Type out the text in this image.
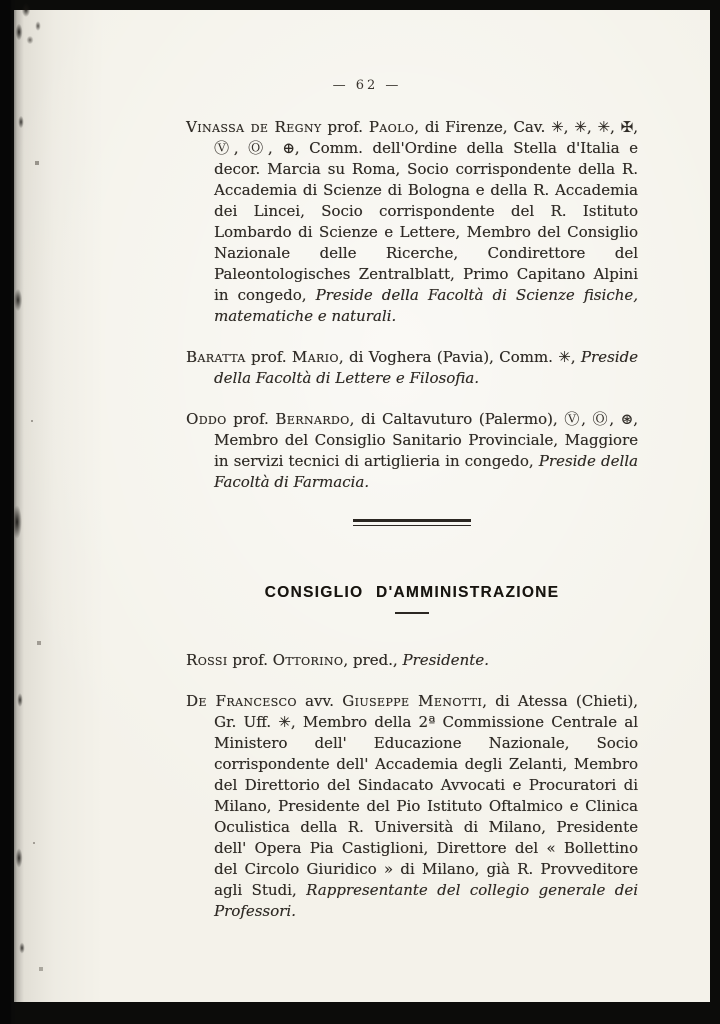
— 62 —

Vinassa de Regny prof. Paolo, di Firenze, Cav. ✳, ✳, ✳, ✠, Ⓥ, Ⓞ, ⊕, Comm. dell'Ordine della Stella d'Italia e decor. Marcia su Roma, Socio corrispondente della R. Accademia di Scienze di Bologna e della R. Accademia dei Lincei, Socio corrispondente del R. Istituto Lombardo di Scienze e Lettere, Membro del Consiglio Nazionale delle Ricerche, Condirettore del Paleontologisches Zentralblatt, Primo Capitano Alpini in congedo, Preside della Facoltà di Scienze fisiche, matematiche e naturali.

Baratta prof. Mario, di Voghera (Pavia), Comm. ✳, Preside della Facoltà di Lettere e Filosofia.

Oddo prof. Bernardo, di Caltavuturo (Palermo), Ⓥ, Ⓞ, ⊛, Membro del Consiglio Sanitario Provinciale, Maggiore in servizi tecnici di artiglieria in congedo, Preside della Facoltà di Farmacia.

CONSIGLIO D'AMMINISTRAZIONE

Rossi prof. Ottorino, pred., Presidente.

De Francesco avv. Giuseppe Menotti, di Atessa (Chieti), Gr. Uff. ✳, Membro della 2ª Commissione Centrale al Ministero dell' Educazione Nazionale, Socio corrispondente dell' Accademia degli Zelanti, Membro del Direttorio del Sindacato Avvocati e Procuratori di Milano, Presidente del Pio Istituto Oftalmico e Clinica Oculistica della R. Università di Milano, Presidente dell' Opera Pia Castiglioni, Direttore del « Bollettino del Circolo Giuridico » di Milano, già R. Provveditore agli Studi, Rappresentante del collegio generale dei Professori.
